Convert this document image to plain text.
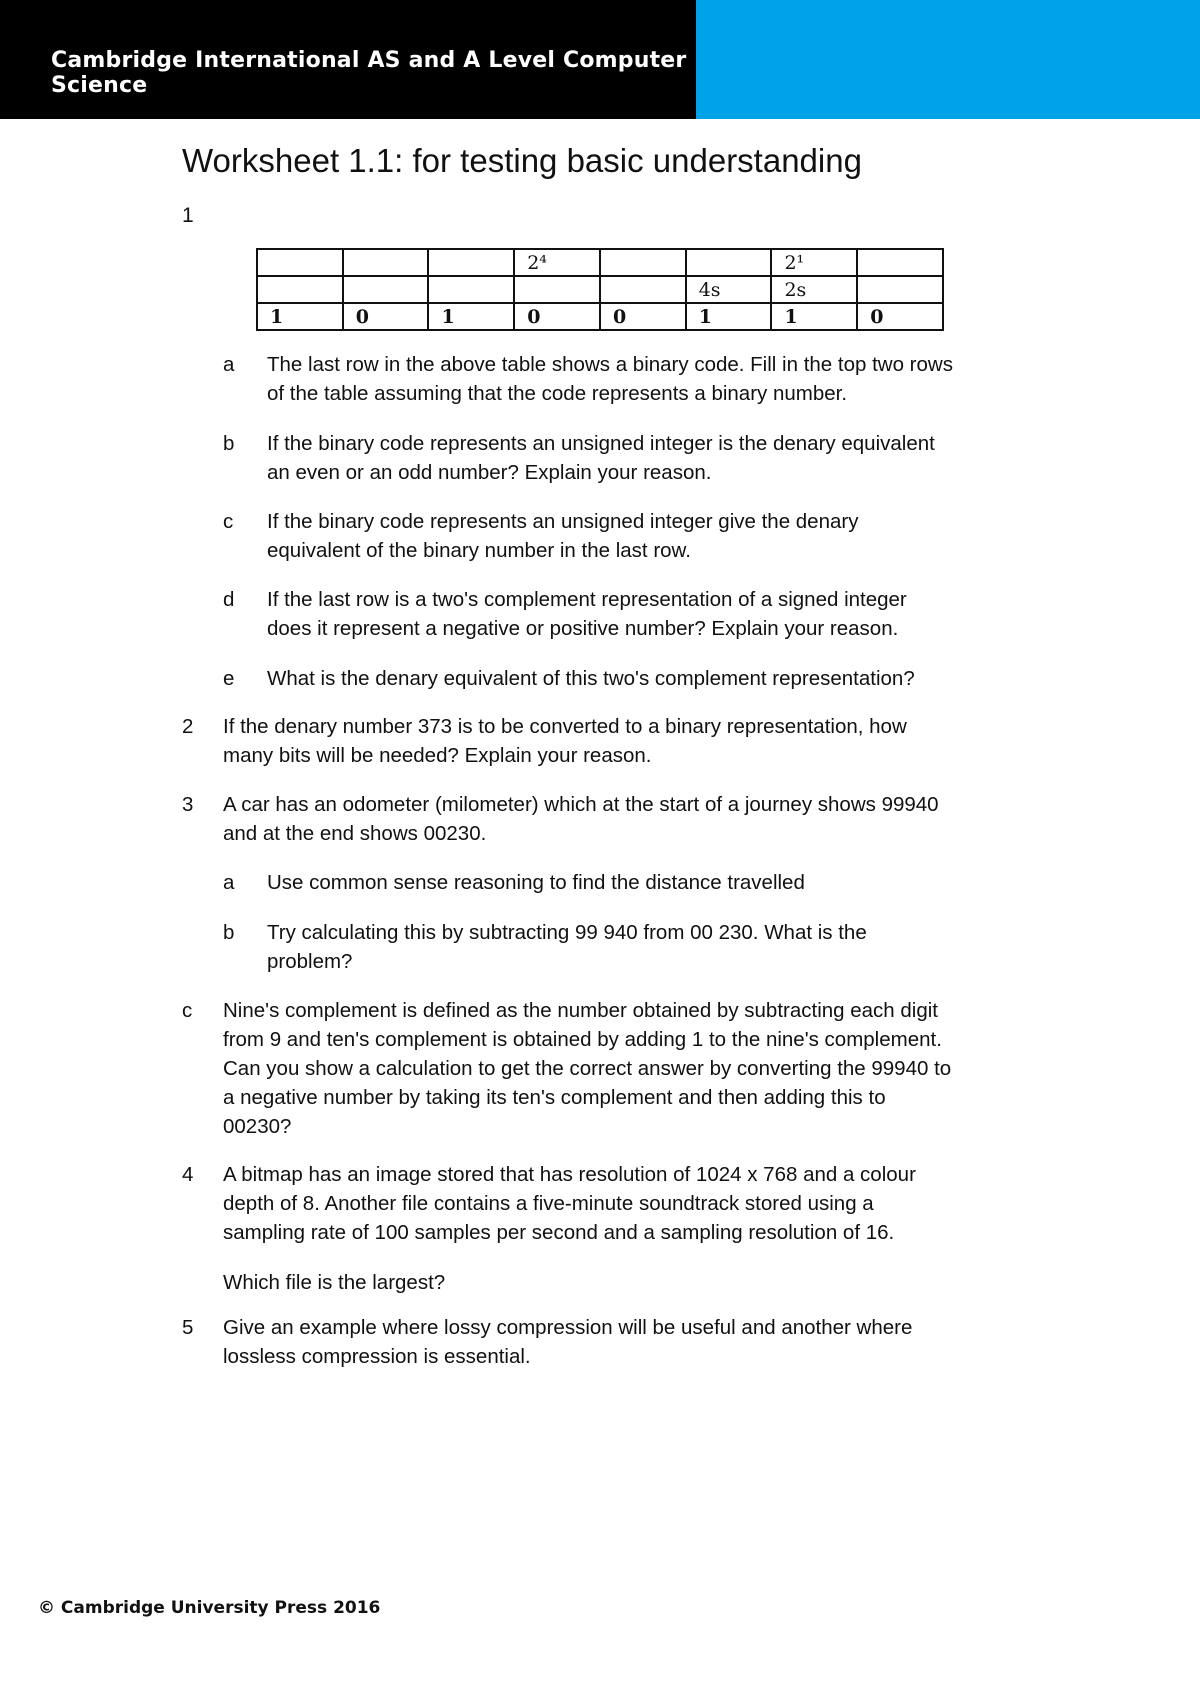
Cambridge International AS and A Level Computer Science

Worksheet 1.1: for testing basic understanding
1
			2⁴			2¹	
					4s	2s	
1	0	1	0	0	1	1	0
a The last row in the above table shows a binary code. Fill in the top two rows
of the table assuming that the code represents a binary number.
b If the binary code represents an unsigned integer is the denary equivalent
an even or an odd number? Explain your reason.
c If the binary code represents an unsigned integer give the denary
equivalent of the binary number in the last row.
d If the last row is a two's complement representation of a signed integer
does it represent a negative or positive number? Explain your reason.
e What is the denary equivalent of this two's complement representation?
2 If the denary number 373 is to be converted to a binary representation, how
many bits will be needed? Explain your reason.
3 A car has an odometer (milometer) which at the start of a journey shows 99940
and at the end shows 00230.
a Use common sense reasoning to find the distance travelled
b Try calculating this by subtracting 99 940 from 00 230. What is the
problem?
c Nine's complement is defined as the number obtained by subtracting each digit
from 9 and ten's complement is obtained by adding 1 to the nine's complement.
Can you show a calculation to get the correct answer by converting the 99940 to
a negative number by taking its ten's complement and then adding this to
00230?
4 A bitmap has an image stored that has resolution of 1024 x 768 and a colour
depth of 8. Another file contains a five-minute soundtrack stored using a
sampling rate of 100 samples per second and a sampling resolution of 16.
Which file is the largest?
5 Give an example where lossy compression will be useful and another where
lossless compression is essential.

© Cambridge University Press 2016
